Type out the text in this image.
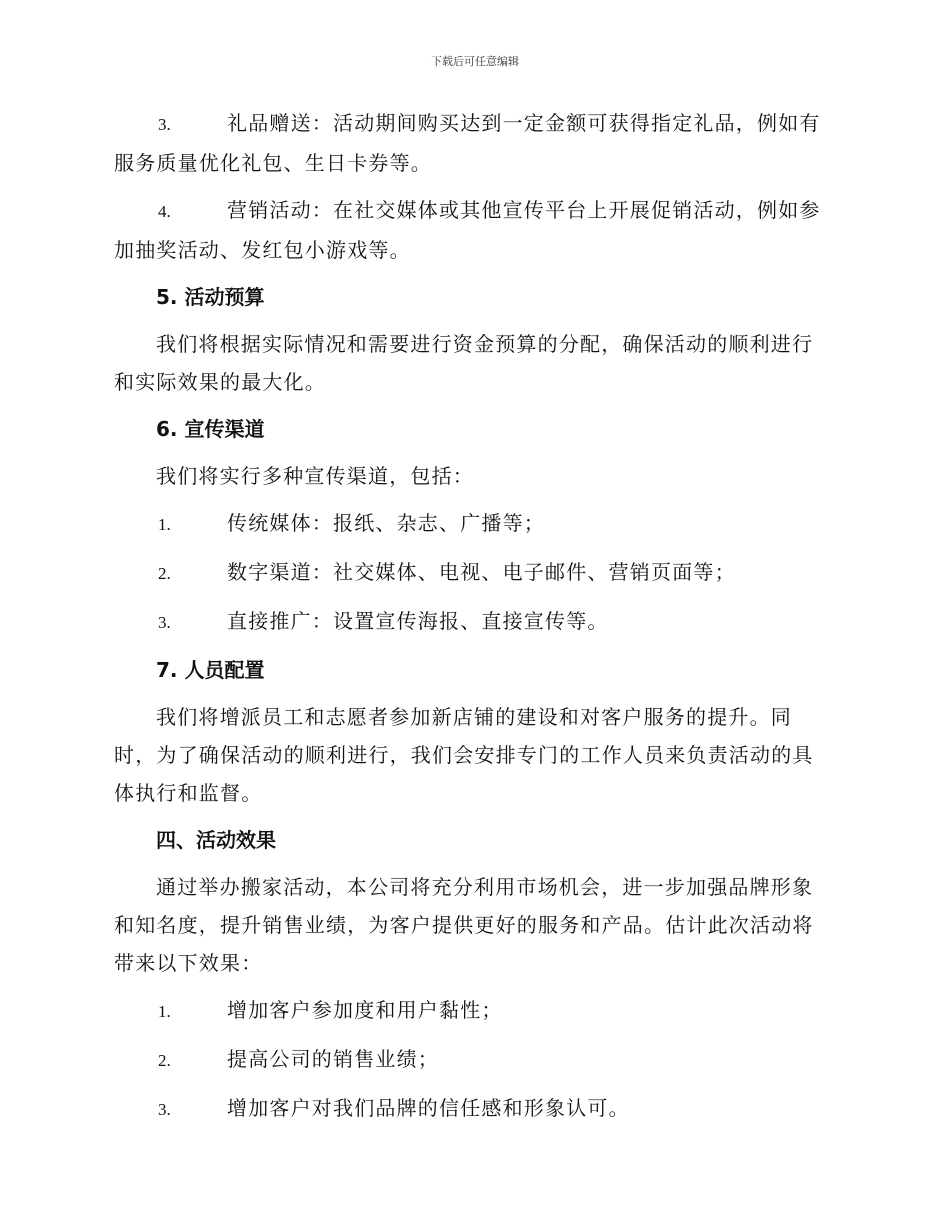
下载后可任意编辑

3.	礼品赠送：活动期间购买达到一定金额可获得指定礼品，例如有服务质量优化礼包、生日卡券等。

4.	营销活动：在社交媒体或其他宣传平台上开展促销活动，例如参加抽奖活动、发红包小游戏等。

5. 活动预算

我们将根据实际情况和需要进行资金预算的分配，确保活动的顺利进行和实际效果的最大化。

6. 宣传渠道

我们将实行多种宣传渠道，包括：

1.	传统媒体：报纸、杂志、广播等；

2.	数字渠道：社交媒体、电视、电子邮件、营销页面等；

3.	直接推广：设置宣传海报、直接宣传等。

7. 人员配置

我们将增派员工和志愿者参加新店铺的建设和对客户服务的提升。同时，为了确保活动的顺利进行，我们会安排专门的工作人员来负责活动的具体执行和监督。

四、活动效果

通过举办搬家活动，本公司将充分利用市场机会，进一步加强品牌形象和知名度，提升销售业绩，为客户提供更好的服务和产品。估计此次活动将带来以下效果：

1.	增加客户参加度和用户黏性；

2.	提高公司的销售业绩；

3.	增加客户对我们品牌的信任感和形象认可。
